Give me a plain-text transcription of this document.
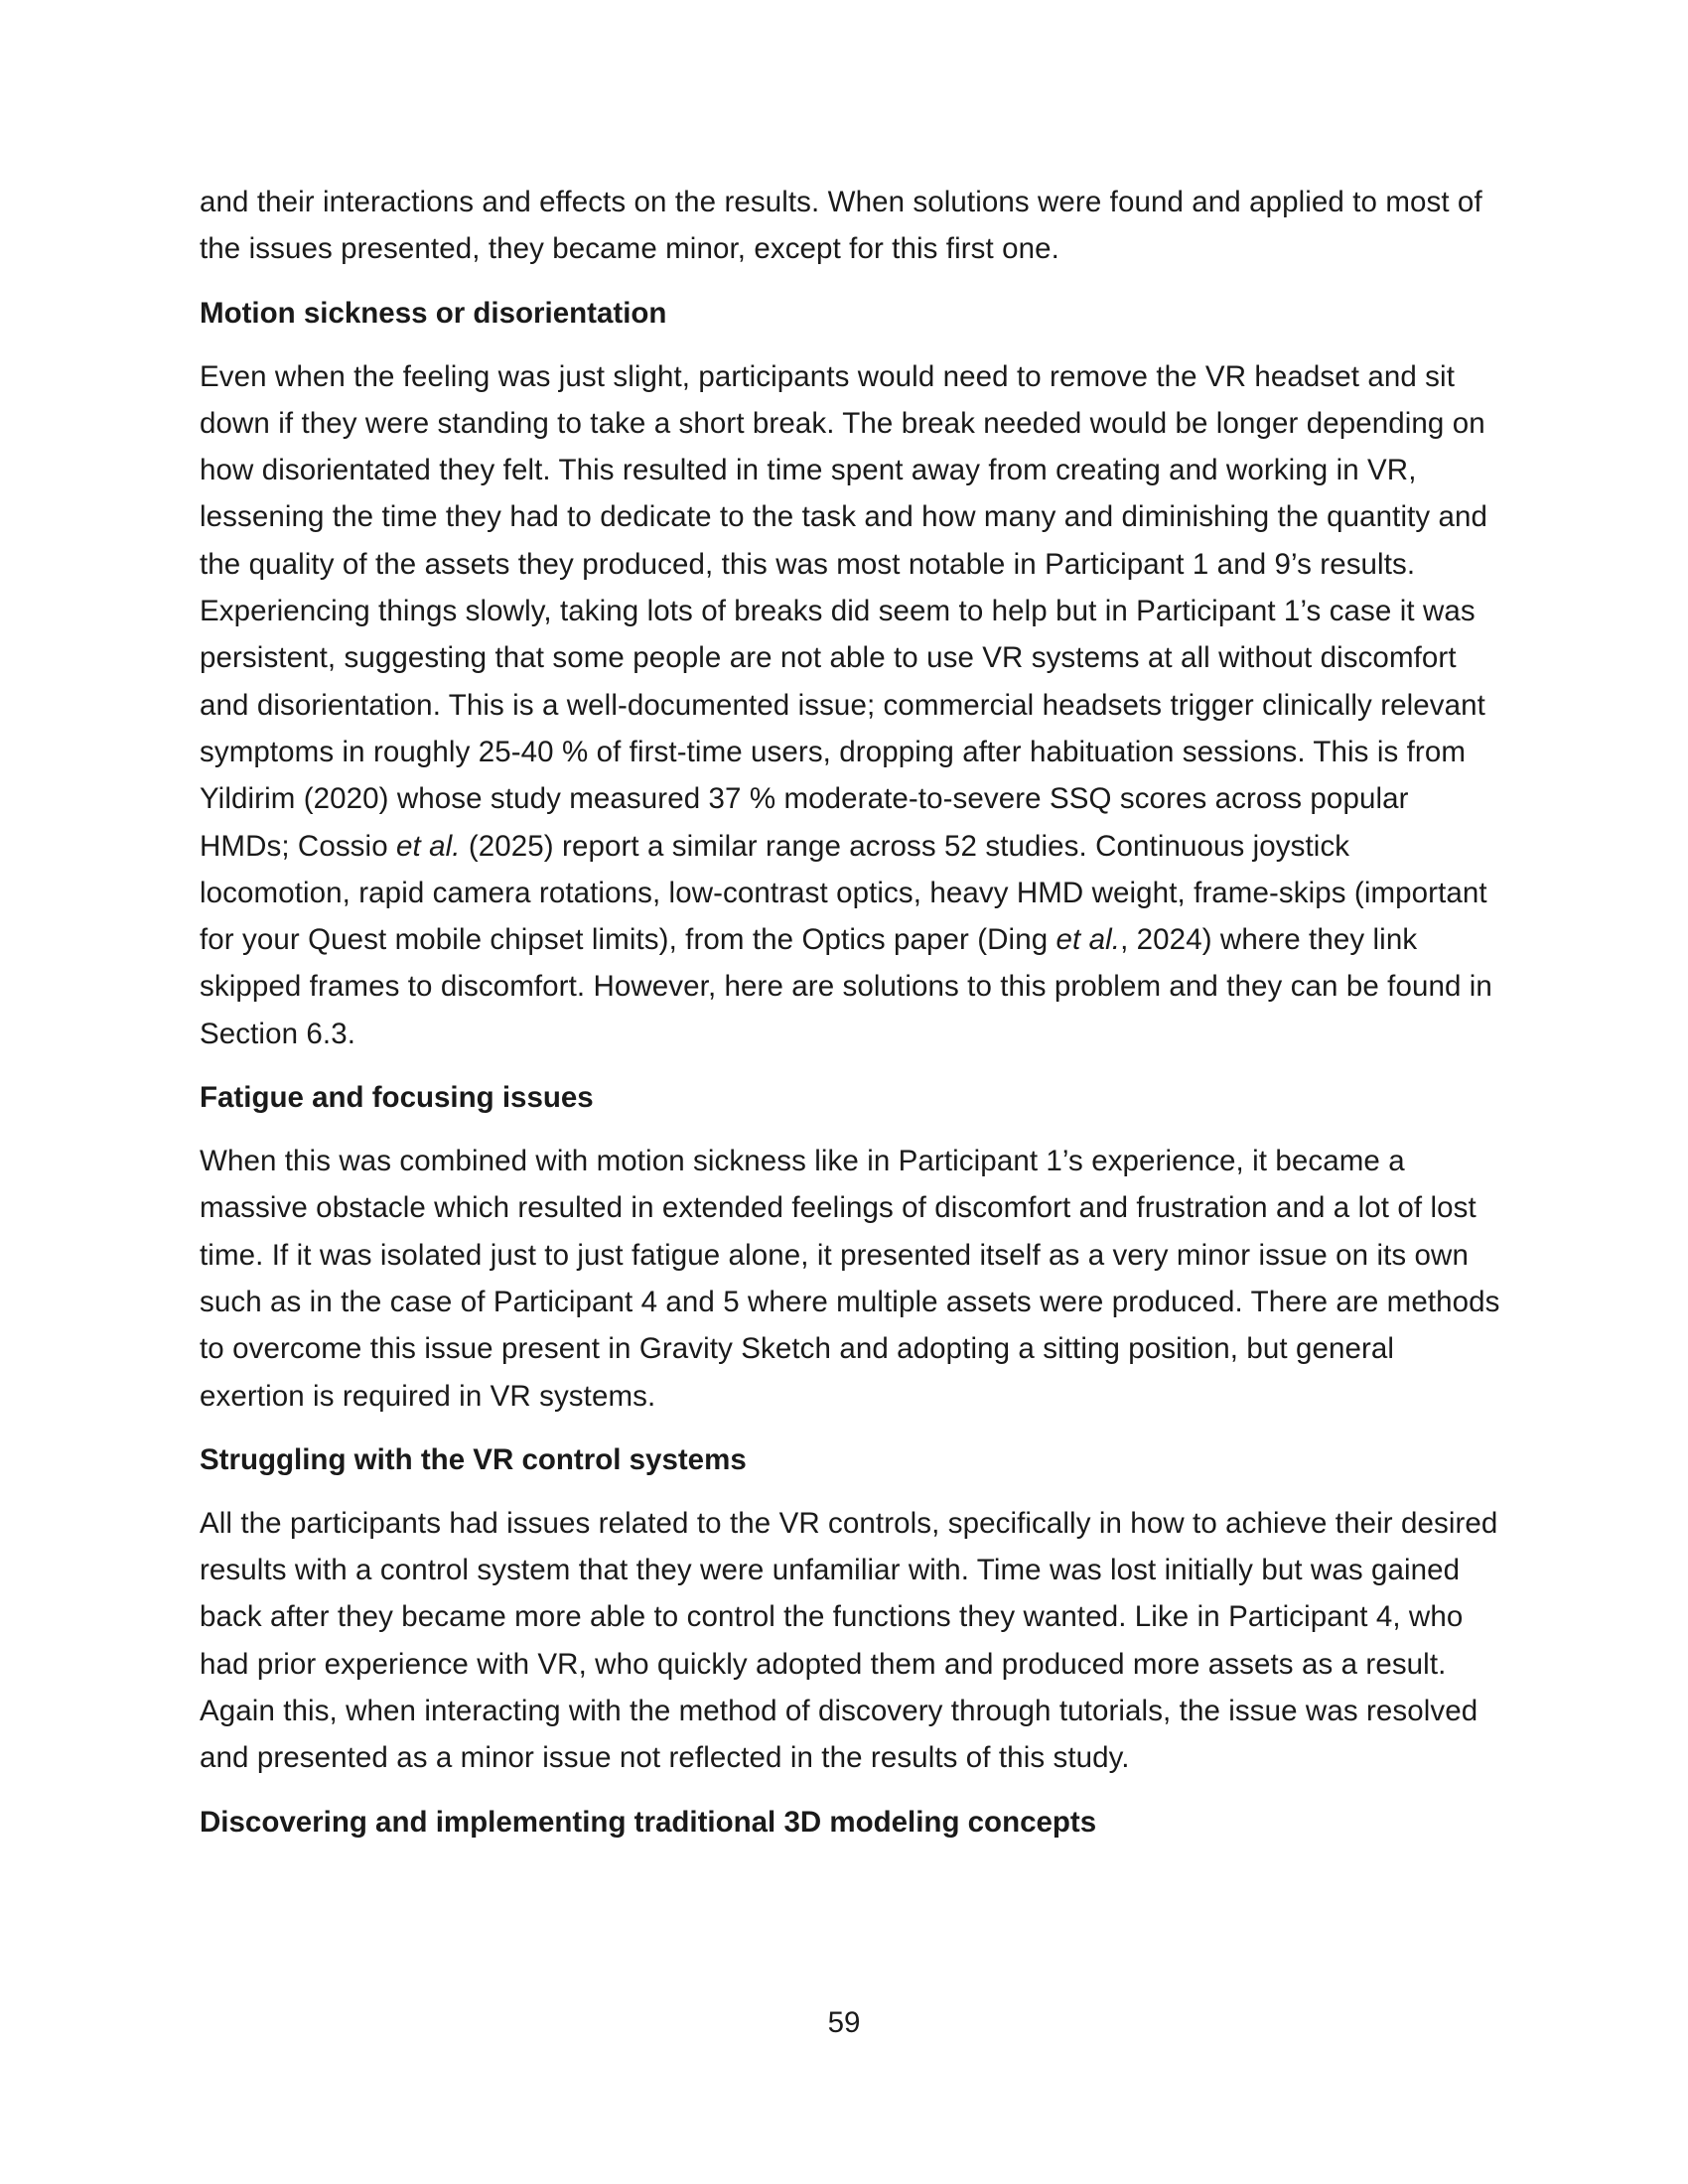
and their interactions and effects on the results. When solutions were found and applied to most of the issues presented, they became minor, except for this first one.

Motion sickness or disorientation

Even when the feeling was just slight, participants would need to remove the VR headset and sit down if they were standing to take a short break. The break needed would be longer depending on how disorientated they felt. This resulted in time spent away from creating and working in VR, lessening the time they had to dedicate to the task and how many and diminishing the quantity and the quality of the assets they produced, this was most notable in Participant 1 and 9’s results. Experiencing things slowly, taking lots of breaks did seem to help but in Participant 1’s case it was persistent, suggesting that some people are not able to use VR systems at all without discomfort and disorientation. This is a well-documented issue; commercial headsets trigger clinically relevant symptoms in roughly 25-40 % of first-time users, dropping after habituation sessions. This is from Yildirim (2020) whose study measured 37 % moderate-to-severe SSQ scores across popular HMDs; Cossio et al. (2025) report a similar range across 52 studies. Continuous joystick locomotion, rapid camera rotations, low-contrast optics, heavy HMD weight, frame-skips (important for your Quest mobile chipset limits), from the Optics paper (Ding et al., 2024) where they link skipped frames to discomfort. However, here are solutions to this problem and they can be found in Section 6.3.

Fatigue and focusing issues

When this was combined with motion sickness like in Participant 1’s experience, it became a massive obstacle which resulted in extended feelings of discomfort and frustration and a lot of lost time. If it was isolated just to just fatigue alone, it presented itself as a very minor issue on its own such as in the case of Participant 4 and 5 where multiple assets were produced. There are methods to overcome this issue present in Gravity Sketch and adopting a sitting position, but general exertion is required in VR systems.

Struggling with the VR control systems

All the participants had issues related to the VR controls, specifically in how to achieve their desired results with a control system that they were unfamiliar with. Time was lost initially but was gained back after they became more able to control the functions they wanted. Like in Participant 4, who had prior experience with VR, who quickly adopted them and produced more assets as a result. Again this, when interacting with the method of discovery through tutorials, the issue was resolved and presented as a minor issue not reflected in the results of this study.

Discovering and implementing traditional 3D modeling concepts
59
